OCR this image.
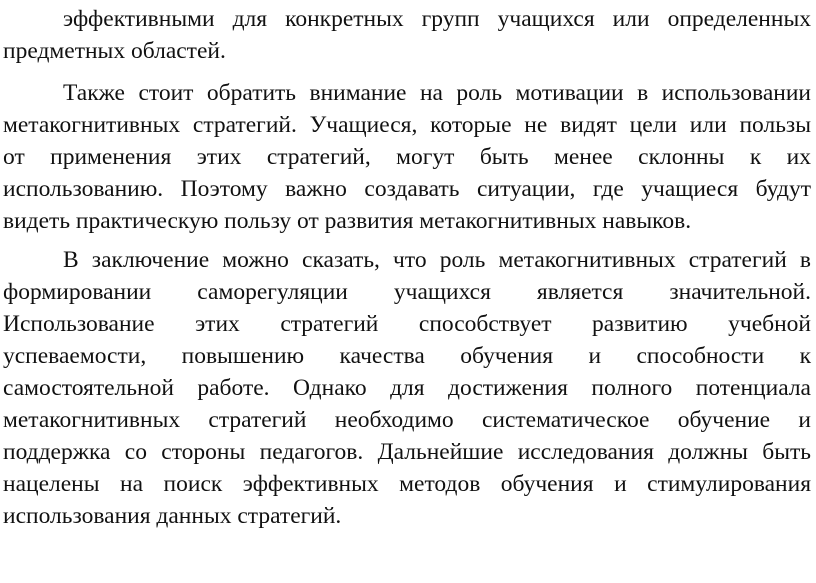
эффективными для конкретных групп учащихся или определенных
предметных областей.
Также стоит обратить внимание на роль мотивации в использовании
метакогнитивных стратегий. Учащиеся, которые не видят цели или пользы
от применения этих стратегий, могут быть менее склонны к их
использованию. Поэтому важно создавать ситуации, где учащиеся будут
видеть практическую пользу от развития метакогнитивных навыков.
В заключение можно сказать, что роль метакогнитивных стратегий в
формировании саморегуляции учащихся является значительной.
Использование этих стратегий способствует развитию учебной
успеваемости, повышению качества обучения и способности к
самостоятельной работе. Однако для достижения полного потенциала
метакогнитивных стратегий необходимо систематическое обучение и
поддержка со стороны педагогов. Дальнейшие исследования должны быть
нацелены на поиск эффективных методов обучения и стимулирования
использования данных стратегий.
